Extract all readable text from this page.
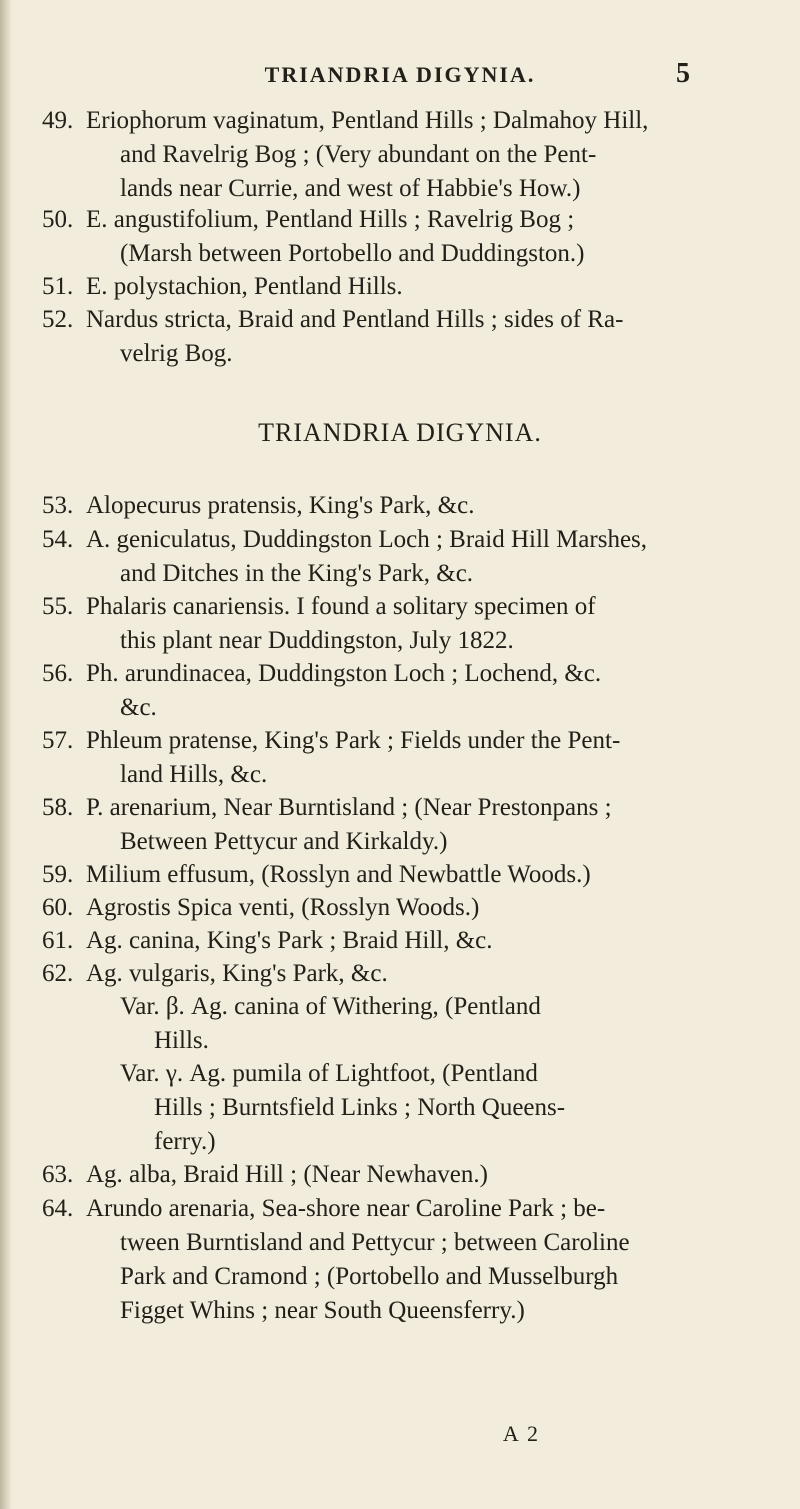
TRIANDRIA DIGYNIA.	5
49. Eriophorum vaginatum, Pentland Hills ; Dalmahoy Hill,
and Ravelrig Bog ; (Very abundant on the Pent-
lands near Currie, and west of Habbie's How.)
50. E. angustifolium, Pentland Hills ; Ravelrig Bog ;
(Marsh between Portobello and Duddingston.)
51. E. polystachion, Pentland Hills.
52. Nardus stricta, Braid and Pentland Hills ; sides of Ra-
velrig Bog.
TRIANDRIA DIGYNIA.
53. Alopecurus pratensis, King's Park, &c.
54. A. geniculatus, Duddingston Loch ; Braid Hill Marshes,
and Ditches in the King's Park, &c.
55. Phalaris canariensis. I found a solitary specimen of
this plant near Duddingston, July 1822.
56. Ph. arundinacea, Duddingston Loch ; Lochend, &c.
&c.
57. Phleum pratense, King's Park ; Fields under the Pent-
land Hills, &c.
58. P. arenarium, Near Burntisland ; (Near Prestonpans ;
Between Pettycur and Kirkaldy.)
59. Milium effusum, (Rosslyn and Newbattle Woods.)
60. Agrostis Spica venti, (Rosslyn Woods.)
61. Ag. canina, King's Park ; Braid Hill, &c.
62. Ag. vulgaris, King's Park, &c.
Var. β. Ag. canina of Withering, (Pentland
Hills.
Var. γ. Ag. pumila of Lightfoot, (Pentland
Hills ; Burntsfield Links ; North Queens-
ferry.)
63. Ag. alba, Braid Hill ; (Near Newhaven.)
64. Arundo arenaria, Sea-shore near Caroline Park ; be-
tween Burntisland and Pettycur ; between Caroline
Park and Cramond ; (Portobello and Musselburgh
Figget Whins ; near South Queensferry.)
A 2
